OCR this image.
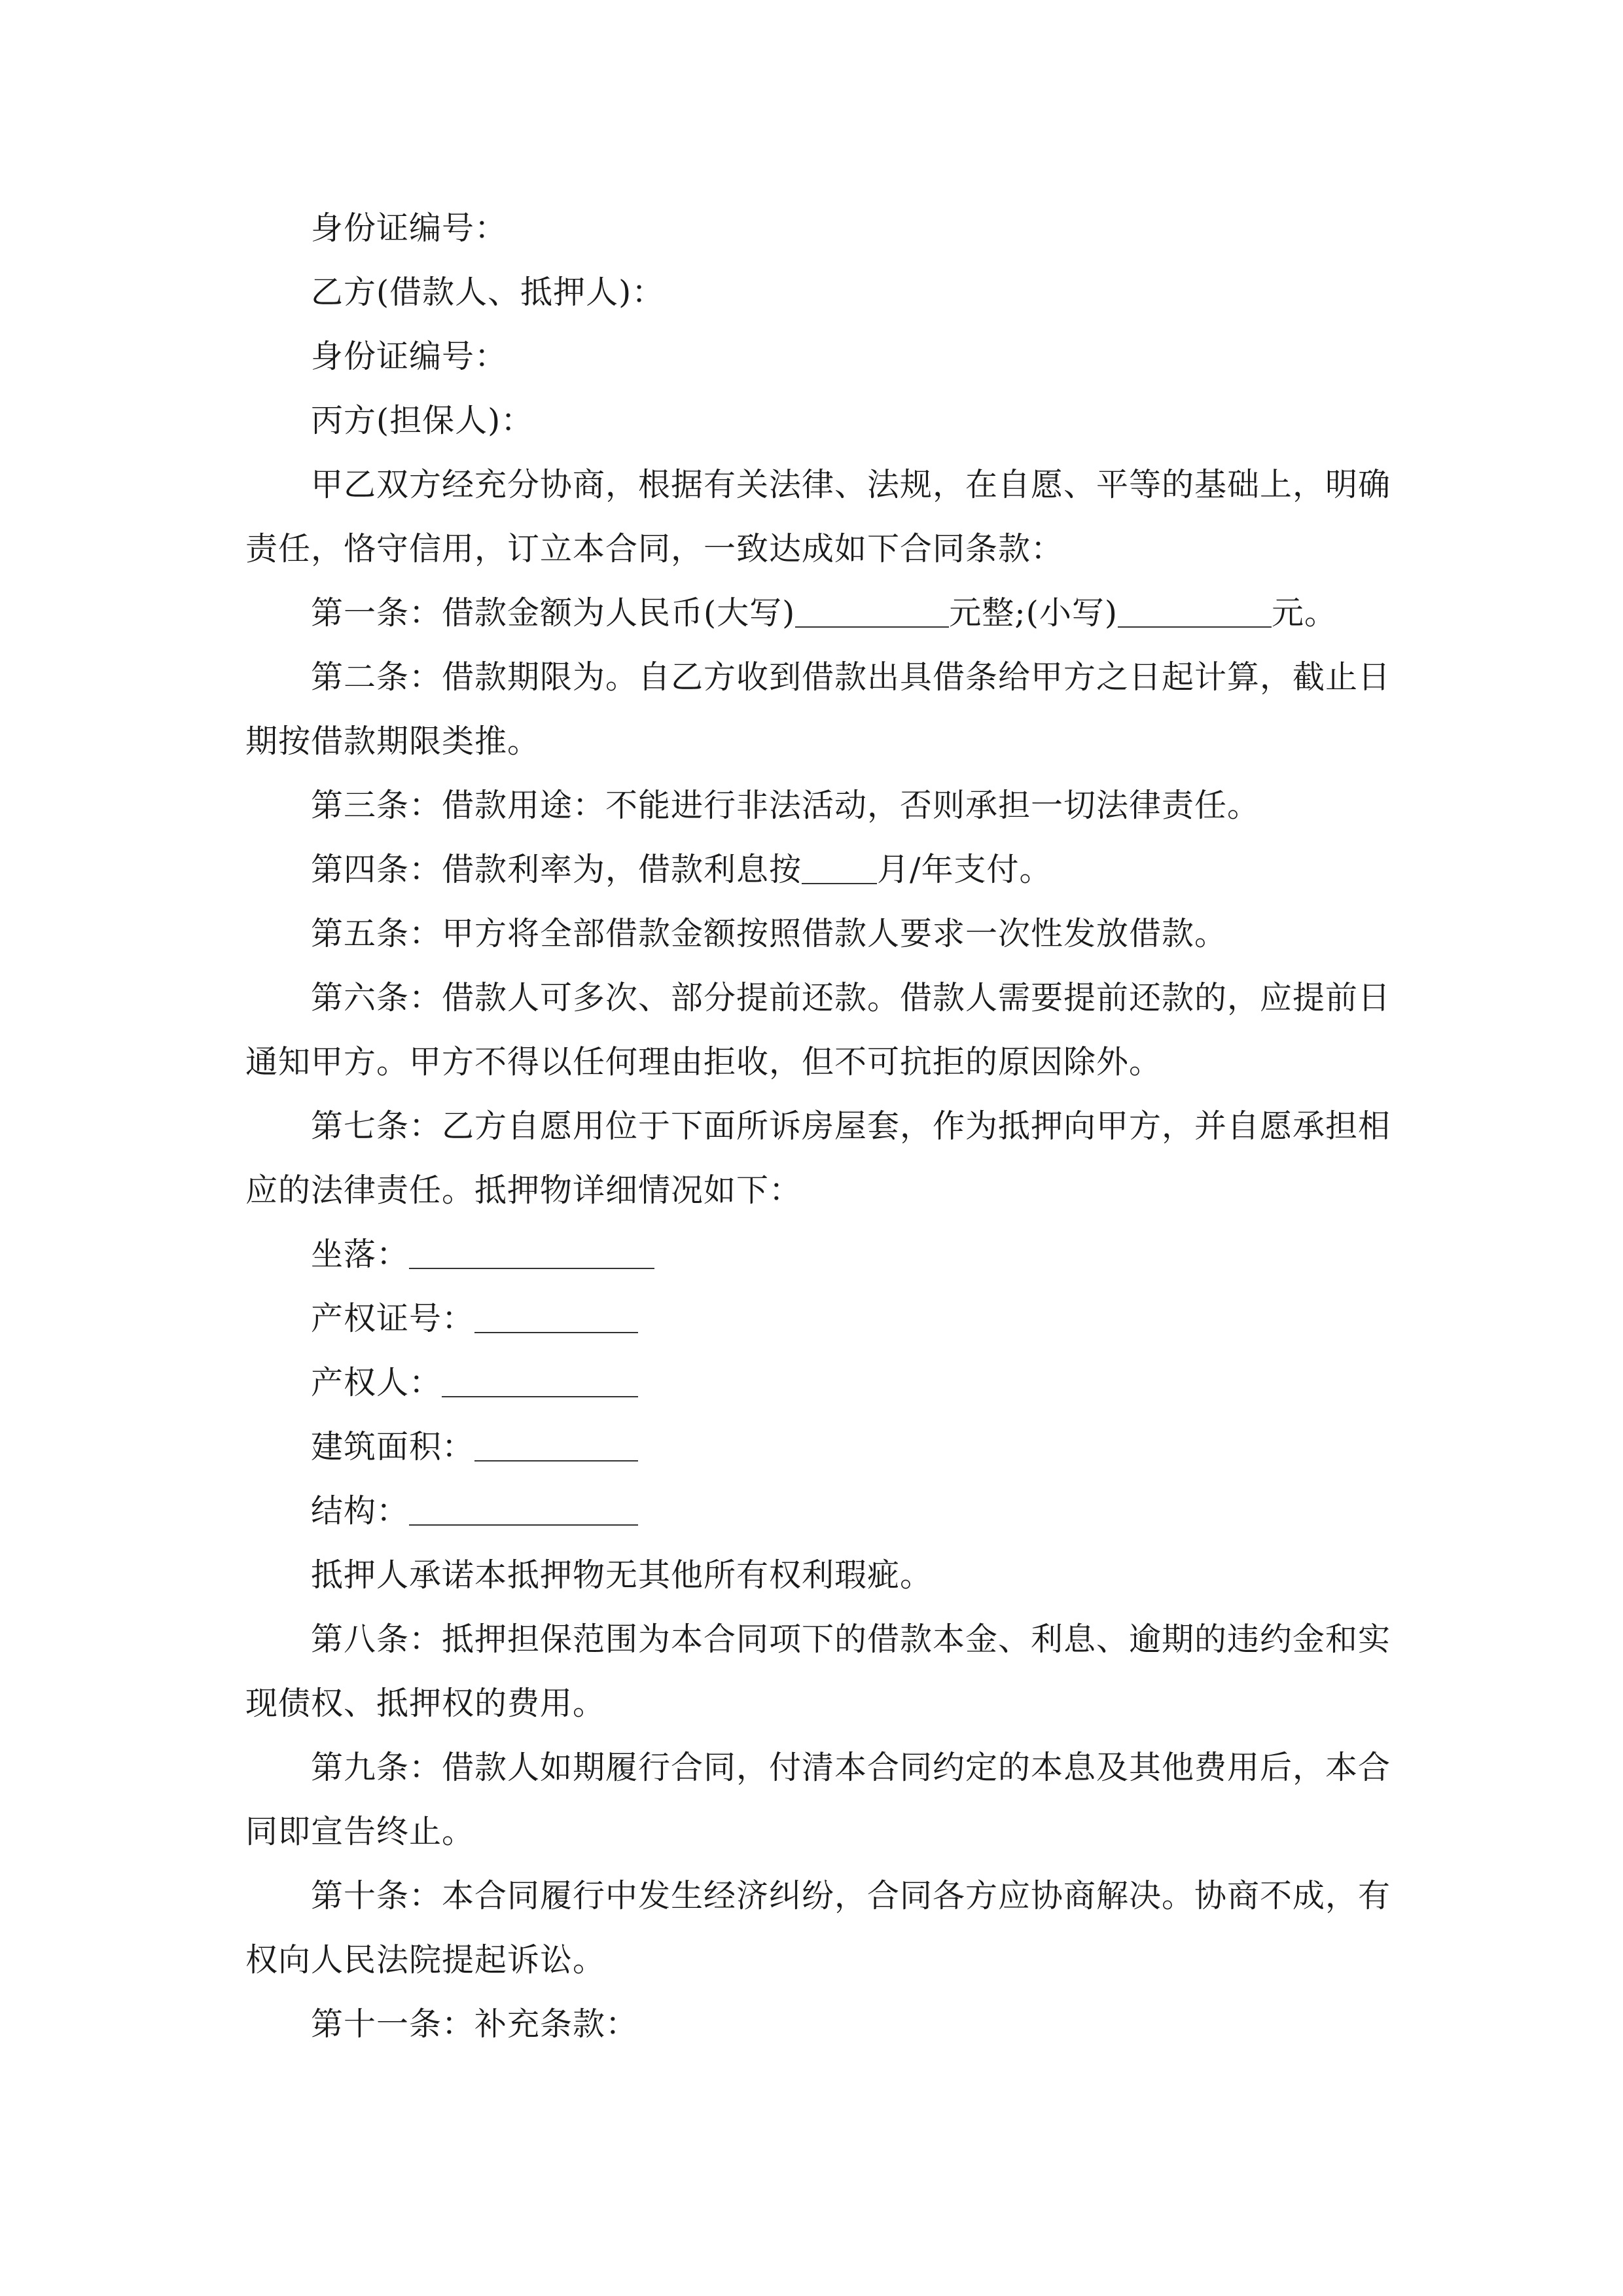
身份证编号：
乙方(借款人、抵押人)：
身份证编号：
丙方(担保人)：
甲乙双方经充分协商，根据有关法律、法规，在自愿、平等的基础上，明确
责任，恪守信用，订立本合同，一致达成如下合同条款：
第一条：借款金额为人民币(大写)	元整;(小写)	元。
第二条：借款期限为。自乙方收到借款出具借条给甲方之日起计算，截止日
期按借款期限类推。
第三条：借款用途：不能进行非法活动，否则承担一切法律责任。
第四条：借款利率为，借款利息按 月/年支付。
第五条：甲方将全部借款金额按照借款人要求一次性发放借款。
第六条：借款人可多次、部分提前还款。借款人需要提前还款的，应提前日
通知甲方。甲方不得以任何理由拒收，但不可抗拒的原因除外。
第七条：乙方自愿用位于下面所诉房屋套，作为抵押向甲方，并自愿承担相
应的法律责任。抵押物详细情况如下：
坐落：
产权证号：
产权人：
建筑面积：
结构：
抵押人承诺本抵押物无其他所有权利瑕疵。
第八条：抵押担保范围为本合同项下的借款本金、利息、逾期的违约金和实
现债权、抵押权的费用。
第九条：借款人如期履行合同，付清本合同约定的本息及其他费用后，本合
同即宣告终止。
第十条：本合同履行中发生经济纠纷，合同各方应协商解决。协商不成，有
权向人民法院提起诉讼。
第十一条：补充条款：
